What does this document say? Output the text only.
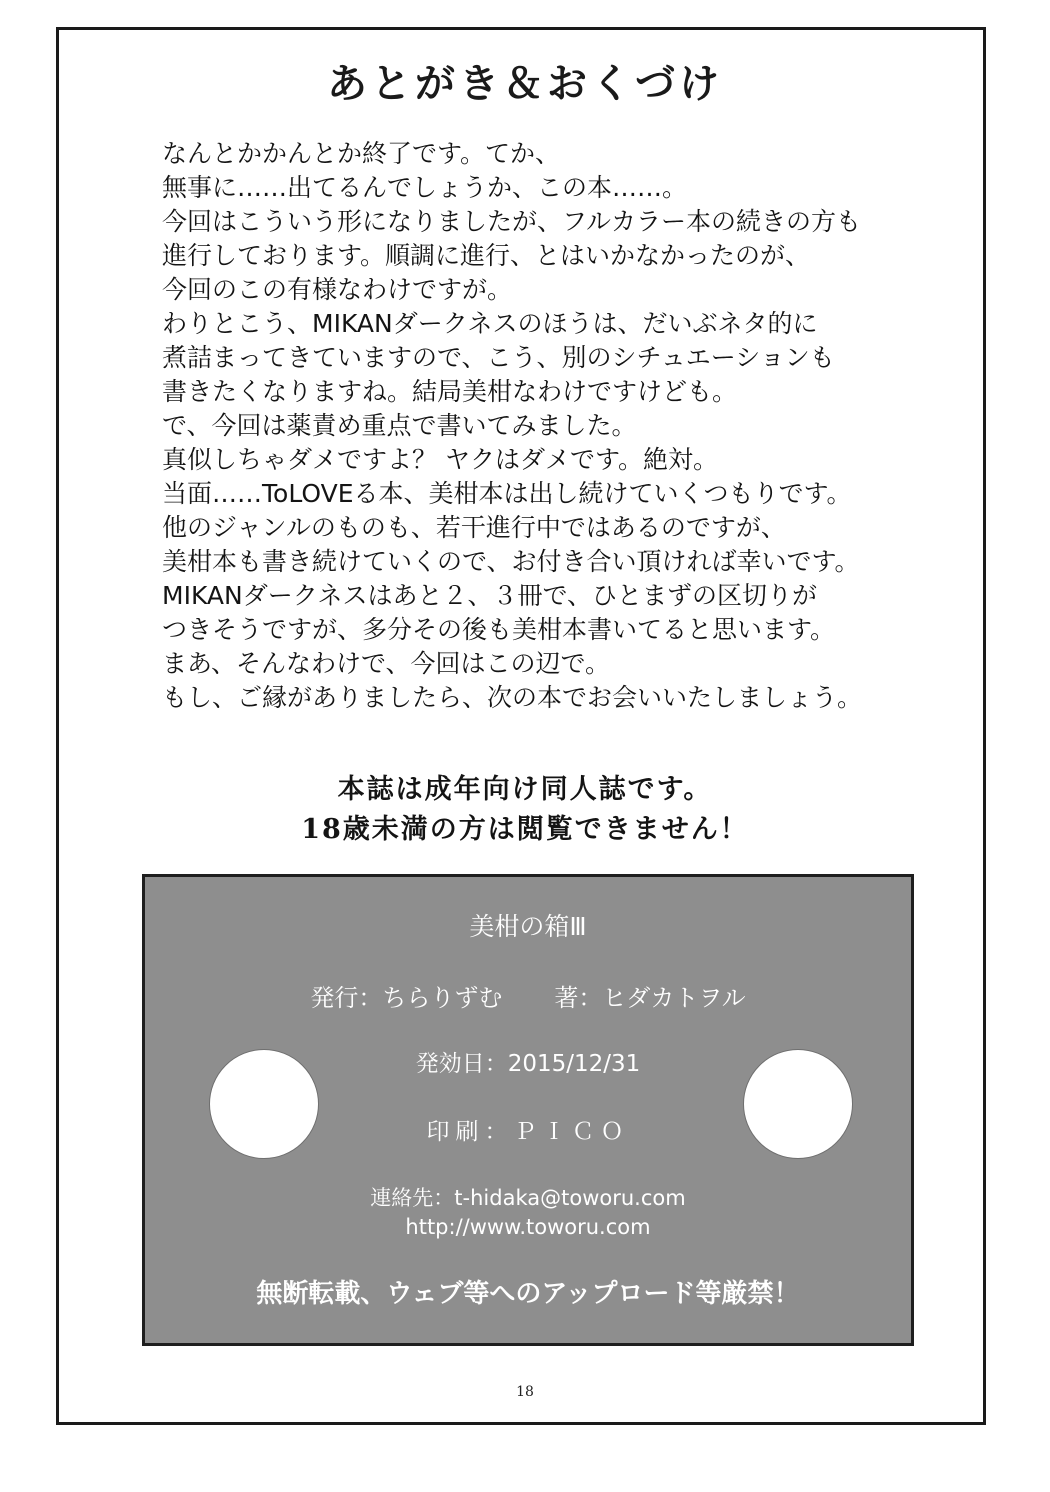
あとがき＆おくづけ
なんとかかんとか終了です。てか、
無事に……出てるんでしょうか、この本……。
今回はこういう形になりましたが、フルカラー本の続きの方も
進行しております。順調に進行、とはいかなかったのが、
今回のこの有様なわけですが。
わりとこう、MIKANダークネスのほうは、だいぶネタ的に
煮詰まってきていますので、こう、別のシチュエーションも
書きたくなりますね。結局美柑なわけですけども。
で、今回は薬責め重点で書いてみました。
真似しちゃダメですよ？ ヤクはダメです。絶対。
当面……ToLOVEる本、美柑本は出し続けていくつもりです。
他のジャンルのものも、若干進行中ではあるのですが、
美柑本も書き続けていくので、お付き合い頂ければ幸いです。
MIKANダークネスはあと２、３冊で、ひとまずの区切りが
つきそうですが、多分その後も美柑本書いてると思います。
まあ、そんなわけで、今回はこの辺で。
もし、ご縁がありましたら、次の本でお会いいたしましょう。
本誌は成年向け同人誌です。
18歳未満の方は閲覧できません！
美柑の箱Ⅲ
発行：ちらりずむ 著：ヒダカトヲル
発効日：2015/12/31
印刷：ＰＩＣＯ
連絡先：t-hidaka@toworu.com
http://www.toworu.com
無断転載、ウェブ等へのアップロード等厳禁！
18
